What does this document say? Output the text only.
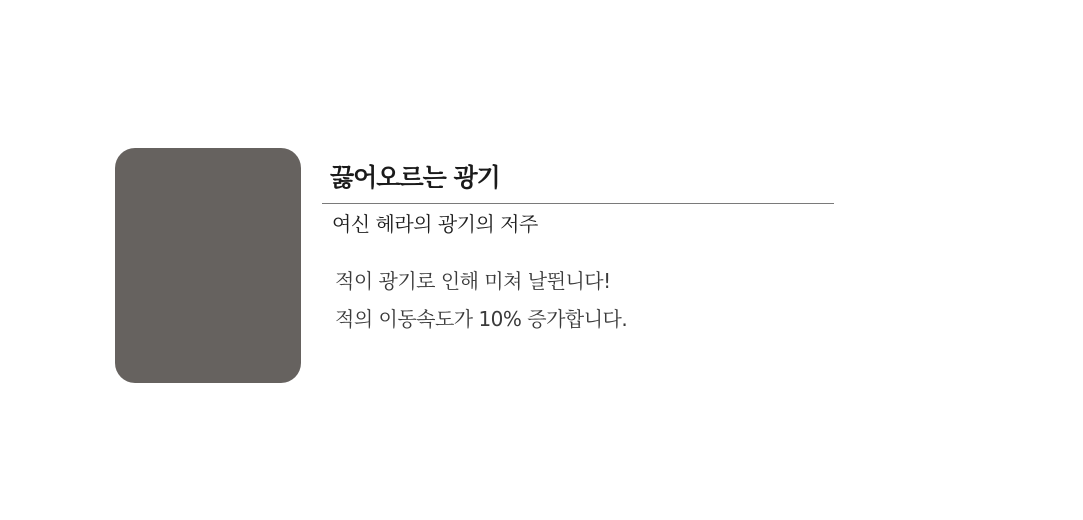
끓어오르는 광기
여신 헤라의 광기의 저주
적이 광기로 인해 미쳐 날뛴니다!
적의 이동속도가 10% 증가합니다.
